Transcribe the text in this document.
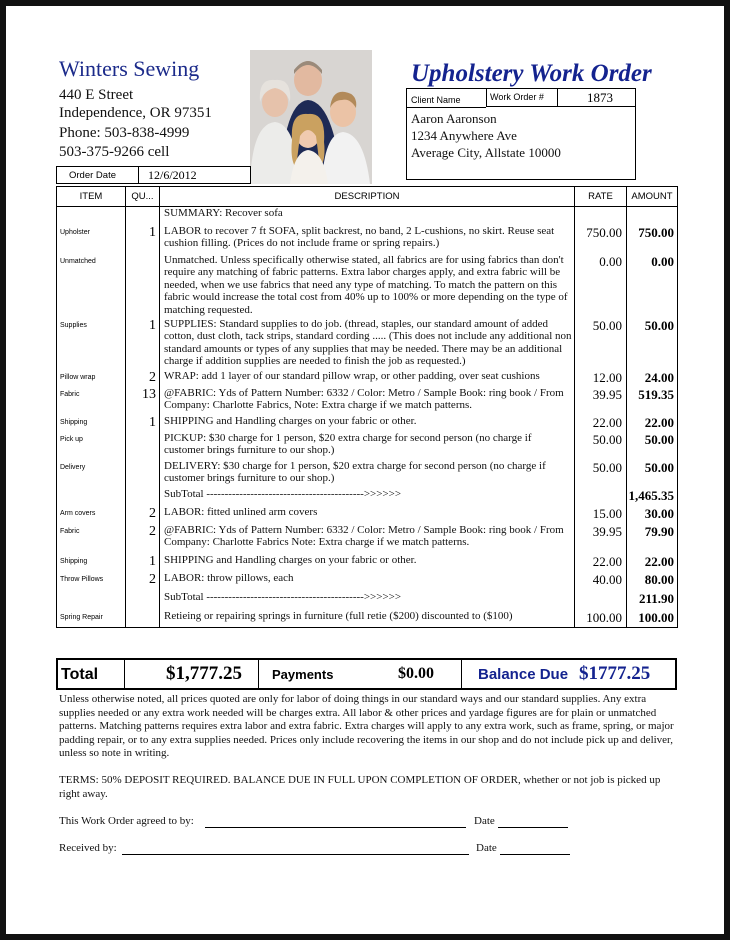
Winters Sewing
440 E Street
Independence, OR 97351
Phone: 503-838-4999
503-375-9266 cell
Upholstery Work Order
Client Name	Work Order #	1873
Aaron Aaronson
1234 Anywhere Ave
Average City, Allstate 10000
Order Date	12/6/2012
ITEM	QU...	DESCRIPTION	RATE	AMOUNT
		SUMMARY: Recover sofa		
Upholster	1	LABOR to recover 7 ft SOFA, split backrest, no band, 2 L-cushions, no skirt. Reuse seat cushion filling. (Prices do not include frame or spring repairs.)	750.00	750.00
Unmatched		Unmatched. Unless specifically otherwise stated, all fabrics are for using fabrics than don't require any matching of fabric patterns. Extra labor charges apply, and extra fabric will be needed, when we use fabrics that need any type of matching. To match the pattern on this fabric would increase the total cost from 40% up to 100% or more depending on the type of matching requested.	0.00	0.00
Supplies	1	SUPPLIES: Standard supplies to do job. (thread, staples, our standard amount of added cotton, dust cloth, tack strips, standard cording ..... (This does not include any additional non standard amounts or types of any supplies that may be needed. There may be an additional charge if addition supplies are needed to finish the job as requested.)	50.00	50.00
Pillow wrap	2	WRAP: add 1 layer of our standard pillow wrap, or other padding, over seat cushions	12.00	24.00
Fabric	13	@FABRIC: Yds of Pattern Number: 6332 / Color: Metro / Sample Book: ring book / From Company: Charlotte Fabrics, Note: Extra charge if we match patterns.	39.95	519.35
Shipping	1	SHIPPING and Handling charges on your fabric or other.	22.00	22.00
Pick up		PICKUP: $30 charge for 1 person, $20 extra charge for second person (no charge if customer brings furniture to our shop.)	50.00	50.00
Delivery		DELIVERY: $30 charge for 1 person, $20 extra charge for second person (no charge if customer brings furniture to our shop.)	50.00	50.00
		SubTotal ------------------------------------------->>>>>>		1,465.35
Arm covers	2	LABOR: fitted unlined arm covers	15.00	30.00
Fabric	2	@FABRIC: Yds of Pattern Number: 6332 / Color: Metro / Sample Book: ring book / From Company: Charlotte Fabrics Note: Extra charge if we match patterns.	39.95	79.90
Shipping	1	SHIPPING and Handling charges on your fabric or other.	22.00	22.00
Throw Pillows	2	LABOR: throw pillows, each	40.00	80.00
		SubTotal ------------------------------------------->>>>>>		211.90
Spring Repair		Retieing or repairing springs in furniture (full retie ($200) discounted to ($100)	100.00	100.00
Total	$1,777.25 Payments	$0.00	Balance Due $1777.25
Unless otherwise noted, all prices quoted are only for labor of doing things in our standard ways and our standard supplies. Any extra supplies needed or any extra work needed will be charges extra. All labor & other prices and yardage figures are for plain or unmatched patterns. Matching patterns requires extra labor and extra fabric. Extra charges will apply to any extra work, such as frame, spring, or major padding repair, or to any extra supplies needed. Prices only include recovering the items in our shop and do not include pick up and deliver, unless so note in writing.
TERMS: 50% DEPOSIT REQUIRED. BALANCE DUE IN FULL UPON COMPLETION OF ORDER, whether or not job is picked up right away.
This Work Order agreed to by:	Date
Received by:	Date
